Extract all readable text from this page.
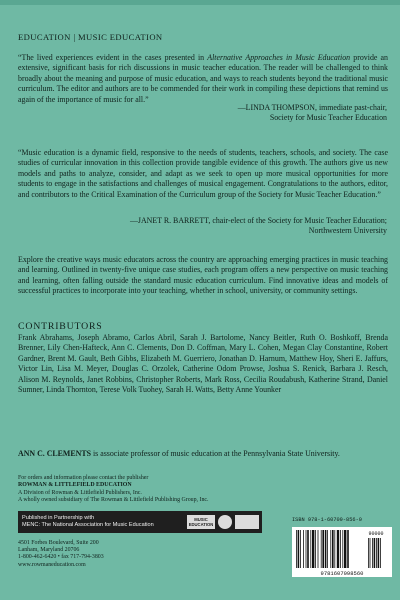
EDUCATION | MUSIC EDUCATION
“The lived experiences evident in the cases presented in Alternative Approaches in Music Education provide an extensive, significant basis for rich discussions in music teacher education. The reader will be challenged to think broadly about the meaning and purpose of music education, and ways to reach students beyond the traditional music curriculum. The editor and authors are to be commended for their work in compiling these depictions that remind us again of the importance of music for all.”
—LINDA THOMPSON, immediate past-chair,
Society for Music Teacher Education
“Music education is a dynamic field, responsive to the needs of students, teachers, schools, and society. The case studies of curricular innovation in this collection provide tangible evidence of this growth. The authors give us new models and paths to analyze, consider, and adapt as we seek to open up more musical opportunities for more students to engage in the satisfactions and challenges of musical engagement. Congratulations to the authors, editor, and contributors to the Critical Examination of the Curriculum group of the Society for Music Teacher Education.”
—JANET R. BARRETT, chair-elect of the Society for Music Teacher Education;
Northwestern University
Explore the creative ways music educators across the country are approaching emerging practices in music teaching and learning. Outlined in twenty-five unique case studies, each program offers a new perspective on music teaching and learning, often falling outside the standard music education curriculum. Find innovative ideas and models of successful practices to incorporate into your teaching, whether in school, university, or community settings.
CONTRIBUTORS
Frank Abrahams, Joseph Abramo, Carlos Abril, Sarah J. Bartolome, Nancy Beitler, Ruth O. Boshkoff, Brenda Brenner, Lily Chen-Hafteck, Ann C. Clements, Don D. Coffman, Mary L. Cohen, Megan Clay Constantine, Robert Gardner, Brent M. Gault, Beth Gibbs, Elizabeth M. Guerriero, Jonathan D. Harnum, Matthew Hoy, Sheri E. Jaffurs, Victor Lin, Lisa M. Meyer, Douglas C. Orzolek, Catherine Odom Prowse, Joshua S. Renick, Barbara J. Resch, Alison M. Reynolds, Janet Robbins, Christopher Roberts, Mark Ross, Cecilia Roudabush, Katherine Strand, Daniel Sumner, Linda Thornton, Terese Volk Tuohey, Sarah H. Watts, Betty Anne Younker
ANN C. CLEMENTS is associate professor of music education at the Pennsylvania State University.
For orders and information please contact the publisher
ROWMAN & LITTLEFIELD EDUCATION
A Division of Rowman & Littlefield Publishers, Inc.
A wholly owned subsidiary of The Rowman & Littlefield Publishing Group, Inc.
Published in Partnership with
MENC: The National Association for Music Education
MUSIC EDUCATION
4501 Forbes Boulevard, Suite 200
Lanham, Maryland 20706
1-800-462-6420 • fax 717-794-3803
www.rowmaneducation.com
ISBN 978-1-60709-856-0
9781607098560
90000
